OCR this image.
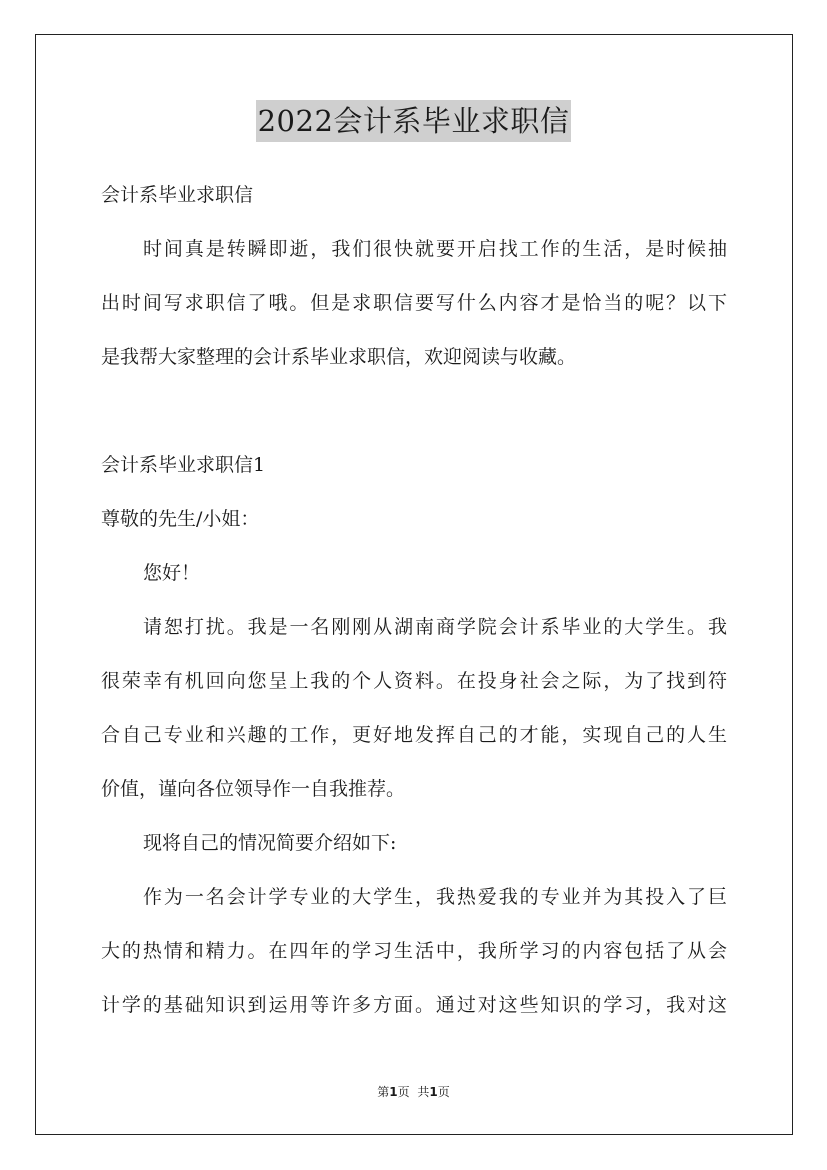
2022会计系毕业求职信
会计系毕业求职信
时间真是转瞬即逝，我们很快就要开启找工作的生活，是时候抽
出时间写求职信了哦。但是求职信要写什么内容才是恰当的呢？以下
是我帮大家整理的会计系毕业求职信，欢迎阅读与收藏。
会计系毕业求职信1
尊敬的先生/小姐：
您好！
请恕打扰。我是一名刚刚从湖南商学院会计系毕业的大学生。我
很荣幸有机回向您呈上我的个人资料。在投身社会之际，为了找到符
合自己专业和兴趣的工作，更好地发挥自己的才能，实现自己的人生
价值，谨向各位领导作一自我推荐。
现将自己的情况简要介绍如下:
作为一名会计学专业的大学生，我热爱我的专业并为其投入了巨
大的热情和精力。在四年的学习生活中，我所学习的内容包括了从会
计学的基础知识到运用等许多方面。通过对这些知识的学习，我对这
第1页 共1页
